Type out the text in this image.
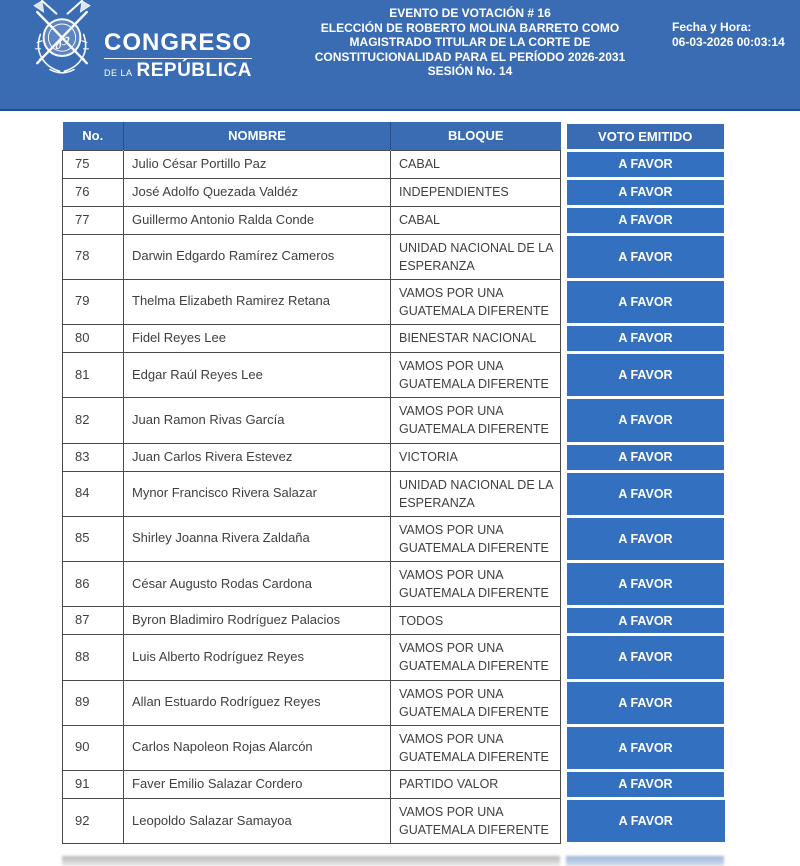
℘ CONGRESO
DE LA REPÚBLICA
EVENTO DE VOTACIÓN # 16
ELECCIÓN DE ROBERTO MOLINA BARRETO COMO
MAGISTRADO TITULAR DE LA CORTE DE
CONSTITUCIONALIDAD PARA EL PERÍODO 2026-2031
SESIÓN No. 14
Fecha y Hora:
06-03-2026 00:03:14
No.	NOMBRE	BLOQUE	VOTO EMITIDO

75	Julio César Portillo Paz	CABAL	A FAVOR

76	José Adolfo Quezada Valdéz	INDEPENDIENTES	A FAVOR

77	Guillermo Antonio Ralda Conde	CABAL	A FAVOR

78	Darwin Edgardo Ramírez Cameros	UNIDAD NACIONAL DE LA ESPERANZA	A FAVOR

79	Thelma Elizabeth Ramirez Retana	VAMOS POR UNA GUATEMALA DIFERENTE	A FAVOR

80	Fidel Reyes Lee	BIENESTAR NACIONAL	A FAVOR

81	Edgar Raúl Reyes Lee	VAMOS POR UNA GUATEMALA DIFERENTE	A FAVOR

82	Juan Ramon Rivas García	VAMOS POR UNA GUATEMALA DIFERENTE	A FAVOR

83	Juan Carlos Rivera Estevez	VICTORIA	A FAVOR

84	Mynor Francisco Rivera Salazar	UNIDAD NACIONAL DE LA ESPERANZA	A FAVOR

85	Shirley Joanna Rivera Zaldaña	VAMOS POR UNA GUATEMALA DIFERENTE	A FAVOR

86	César Augusto Rodas Cardona	VAMOS POR UNA GUATEMALA DIFERENTE	A FAVOR

87	Byron Bladimiro Rodríguez Palacios	TODOS	A FAVOR

88	Luis Alberto Rodríguez Reyes	VAMOS POR UNA GUATEMALA DIFERENTE	A FAVOR

89	Allan Estuardo Rodríguez Reyes	VAMOS POR UNA GUATEMALA DIFERENTE	A FAVOR

90	Carlos Napoleon Rojas Alarcón	VAMOS POR UNA GUATEMALA DIFERENTE	A FAVOR

91	Faver Emilio Salazar Cordero	PARTIDO VALOR	A FAVOR

92	Leopoldo Salazar Samayoa	VAMOS POR UNA GUATEMALA DIFERENTE	A FAVOR
